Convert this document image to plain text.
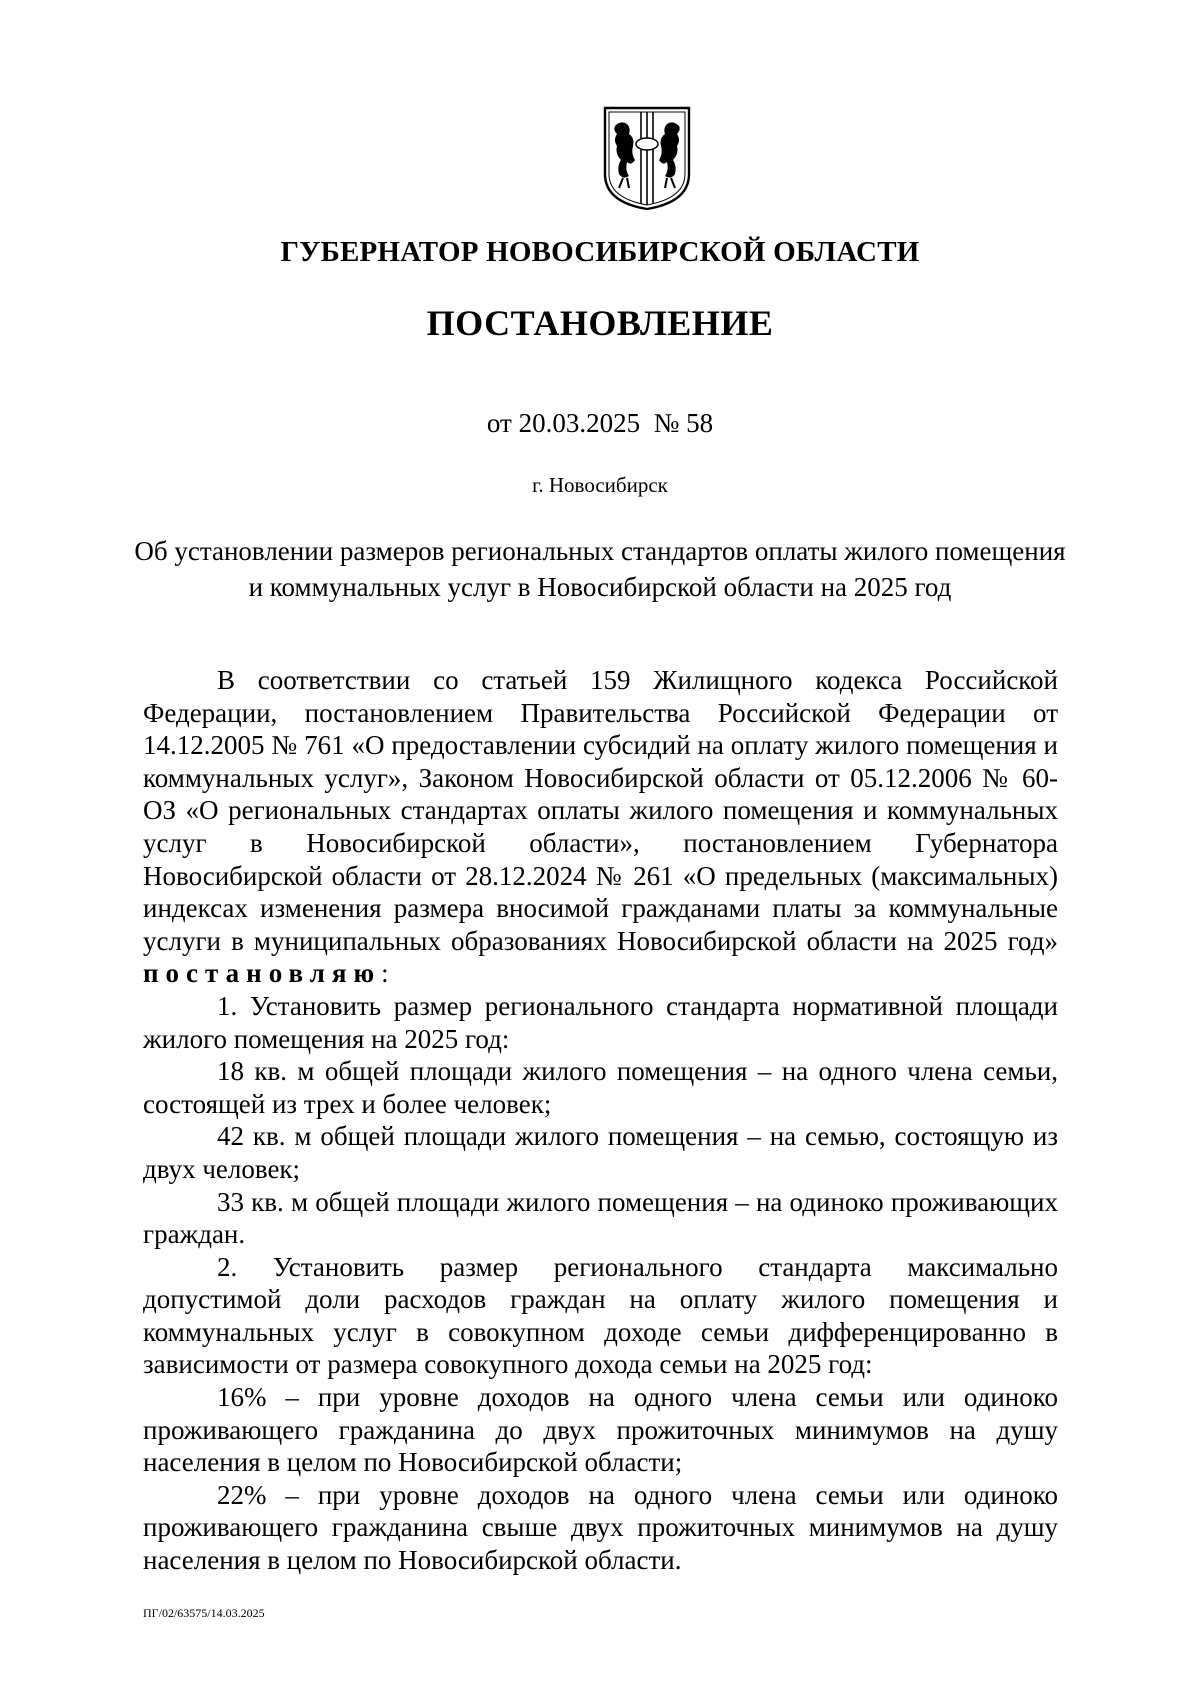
ГУБЕРНАТОР НОВОСИБИРСКОЙ ОБЛАСТИ
ПОСТАНОВЛЕНИЕ
от 20.03.2025  № 58
г. Новосибирск
Об установлении размеров региональных стандартов оплаты жилого помещения
и коммунальных услуг в Новосибирской области на 2025 год

В соответствии со статьей 159 Жилищного кодекса Российской Федерации, постановлением Правительства Российской Федерации от 14.12.2005 № 761 «О предоставлении субсидий на оплату жилого помещения и коммунальных услуг», Законом Новосибирской области от 05.12.2006 № 60-ОЗ «О региональных стандартах оплаты жилого помещения и коммунальных услуг в Новосибирской области», постановлением Губернатора Новосибирской области от 28.12.2024 № 261 «О предельных (максимальных) индексах изменения размера вносимой гражданами платы за коммунальные услуги в муниципальных образованиях Новосибирской области на 2025 год» постановляю:

1. Установить размер регионального стандарта нормативной площади жилого помещения на 2025 год:

18 кв. м общей площади жилого помещения – на одного члена семьи, состоящей из трех и более человек;

42 кв. м общей площади жилого помещения – на семью, состоящую из двух человек;

33 кв. м общей площади жилого помещения – на одиноко проживающих граждан.

2. Установить размер регионального стандарта максимально допустимой доли расходов граждан на оплату жилого помещения и коммунальных услуг в совокупном доходе семьи дифференцированно в зависимости от размера совокупного дохода семьи на 2025 год:

16% – при уровне доходов на одного члена семьи или одиноко проживающего гражданина до двух прожиточных минимумов на душу населения в целом по Новосибирской области;

22% – при уровне доходов на одного члена семьи или одиноко проживающего гражданина свыше двух прожиточных минимумов на душу населения в целом по Новосибирской области.

ПГ/02/63575/14.03.2025
